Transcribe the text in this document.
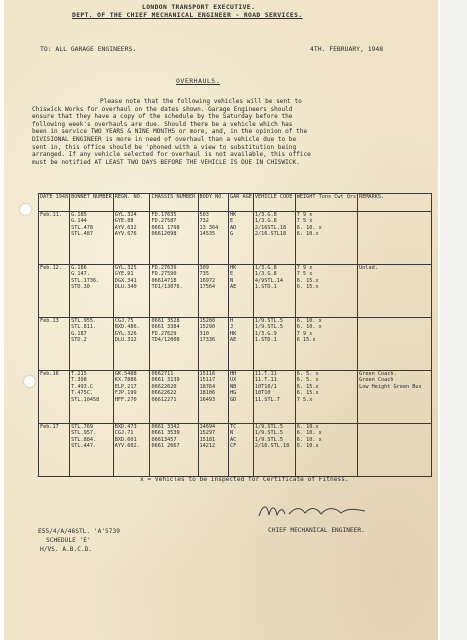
LONDON TRANSPORT EXECUTIVE.
DEPT. OF THE CHIEF MECHANICAL ENGINEER - ROAD SERVICES.
TO: ALL GARAGE ENGINEERS.	4TH. FEBRUARY, 1948
OVERHAULS.
Please note that the following vehicles will be sent to
Chiswick Works for overhaul on the dates shown. Garage Engineers should
ensure that they have a copy of the schedule by the Saturday before the
following week's overhauls are due. Should there be a vehicle which has
been in service TWO YEARS & NINE MONTHS or more, and, in the opinion of the
DIVISIONAL ENGINEER is more in need of overhaul than a vehicle due to be
sent in, this office should be 'phoned with a view to substitution being
arranged. If any vehicle selected for overhaul is not available, this office
must be notified AT LEAST TWO DAYS BEFORE THE VEHICLE IS DUE IN CHISWICK.
DATE 1948	BONNET NUMBER	REGN. NO.	CHASSIS NUMBER	BODY NO.	GAR AGE	VEHICLE CODE	WEIGHT Tons Cwt Qrs	REMARKS.
Feb.11.	G.185
G.144
STL.478
STL.487	GYL.324
GYE.88
AYV.632
AYV.676	FD.17635
FD.27587
0661 1798
06612098	503
732
13 364
14535	HK
E
AD
G	1/3.G.8
1/3.G.8
2/16STL.18
2/16.STL18	7 9 x
7 5 x
6. 10. x
6. 10.x	

Feb.12.	G.186
G.147.
STL.1736.
STD.30	GYL.325
GYE.91
DGX.341
DLU.340	FD.27639
FD.27590
06614718
TD1/13076.	309
735
16972
17564	HK
E
N
AE	1/3.G.8
1/3.G.8
4/9STL.14
1.STD.1	7 9 x
7 5 x
6. 15.x
6. 15.x	Unlad.

Feb.13	STL.955.
STL.811.
G.187
STD.2	CGJ.75
BXD.486.
GYL.326
DLU.312	0661 3528
0661 3384
FD.27629
TD4/12008	15280
15290
310
17336	H
J
HK
AE	1/9.STL.5
1/9.STL.5
1/3.G.9
1.STD.1	6. 10. x
6. 10. x
7 9 x
6 15.x	

Feb.16	T.215
T.398
T.493.C
T.475C.
STL.10458	GK.5488
KX.7886
ELP.217
FJP.199
HFF.270	0662711
0661 3139
06622620
06622622
06612271	15116
15117
18764
18106
16493	HH
UX
NB
HG
GD	11.T.11
11.T.11
10T10/1
10T10
11.STL.7	6. 5. x
6. 5. x
6. 15.x
6. 15.x
7 5.x	Green Coach.
Green Coach
Low Height Green Bus

Feb.17	STL.769
STL.957.
STL.884.
STL.447.	BXD.473
CGJ.71
BXD.601
AYV.602.	0661 3342
0661 3539
06613457
0661 2667	14694
15297
15181
14212	TC
N
AC
CF	1/9.STL.5
1/9.STL.5
1/9.STL.5
2/16.STL.18	6. 10.x
6. 10. x
6. 10. x
6. 10.x	

x = Vehicles to be inspected for Certificate of Fitness.
CHIEF MECHANICAL ENGINEER.
E55/4/A/46STL. 'A'5739
SCHEDULE 'E'
H/VS. A.B.C.D.
